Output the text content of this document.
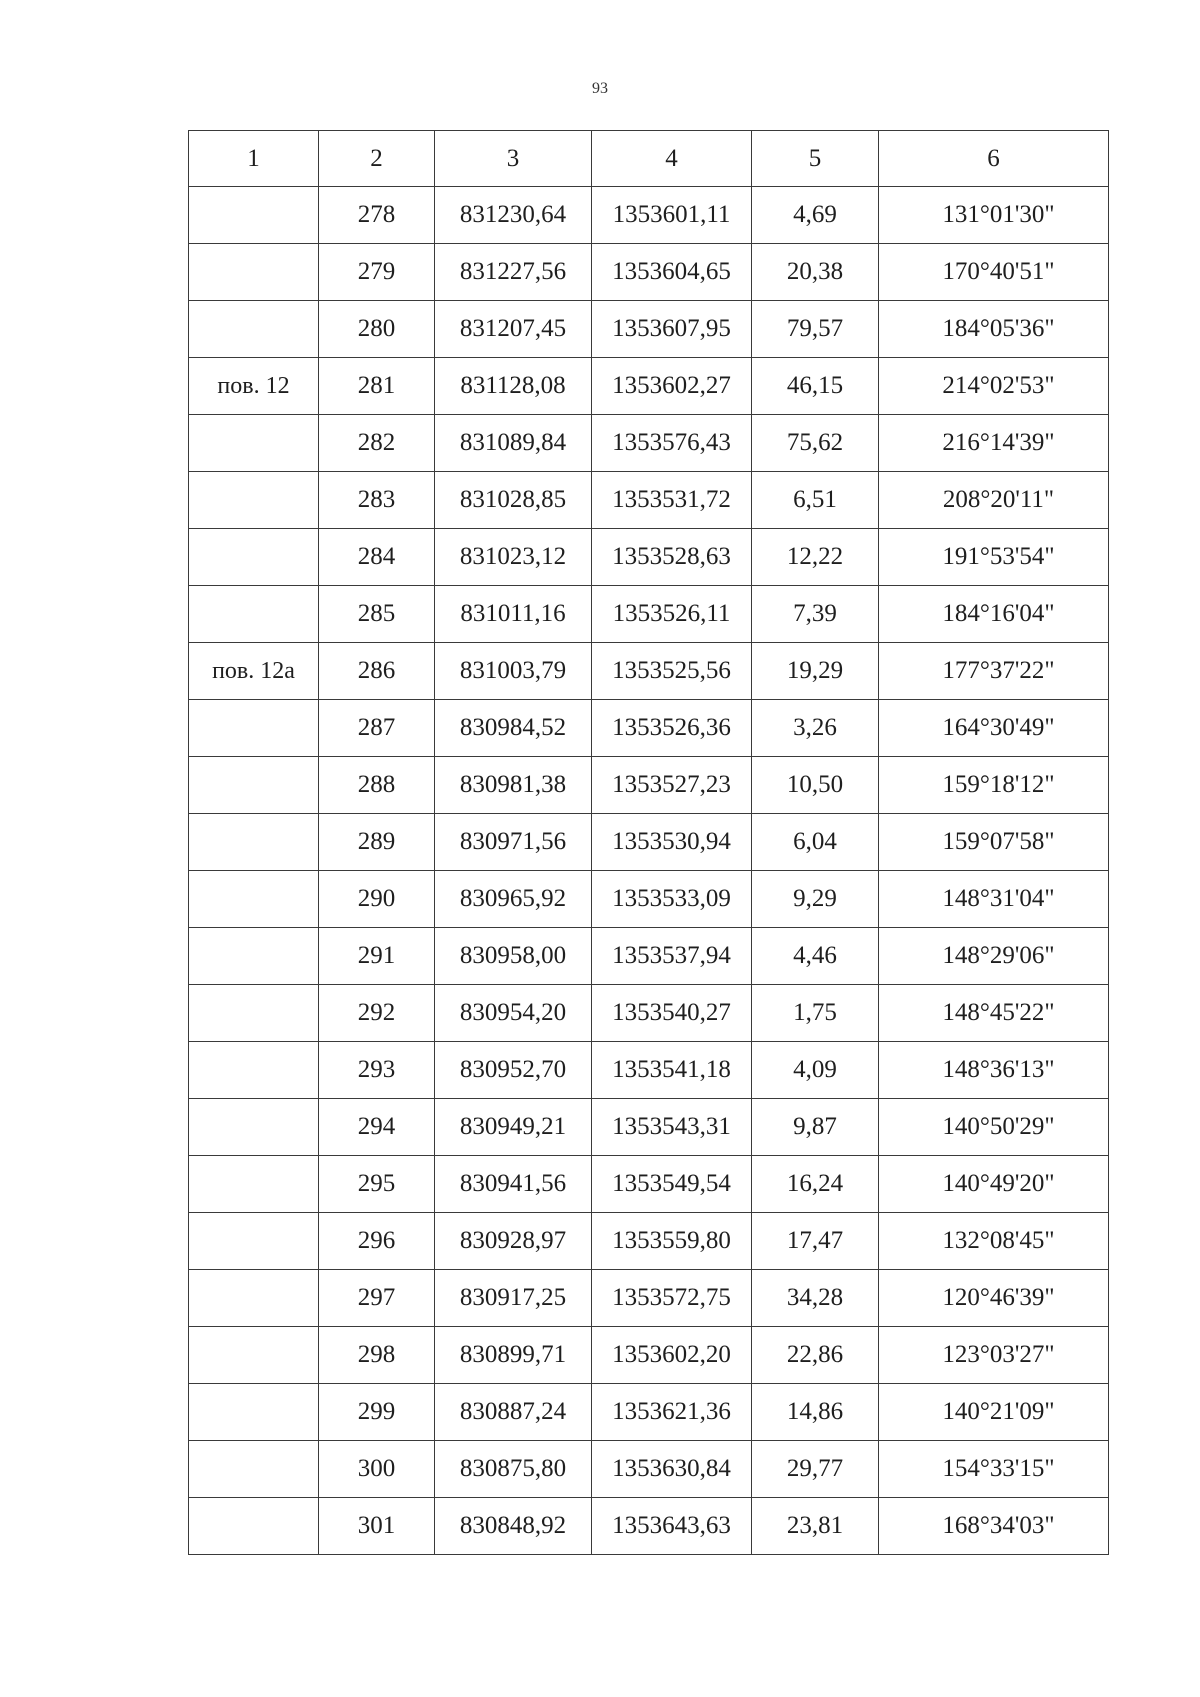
93
1	2	3	4	5	6
	278	831230,64	1353601,11	4,69	131°01'30"
	279	831227,56	1353604,65	20,38	170°40'51"
	280	831207,45	1353607,95	79,57	184°05'36"
пов. 12	281	831128,08	1353602,27	46,15	214°02'53"
	282	831089,84	1353576,43	75,62	216°14'39"
	283	831028,85	1353531,72	6,51	208°20'11"
	284	831023,12	1353528,63	12,22	191°53'54"
	285	831011,16	1353526,11	7,39	184°16'04"
пов. 12а	286	831003,79	1353525,56	19,29	177°37'22"
	287	830984,52	1353526,36	3,26	164°30'49"
	288	830981,38	1353527,23	10,50	159°18'12"
	289	830971,56	1353530,94	6,04	159°07'58"
	290	830965,92	1353533,09	9,29	148°31'04"
	291	830958,00	1353537,94	4,46	148°29'06"
	292	830954,20	1353540,27	1,75	148°45'22"
	293	830952,70	1353541,18	4,09	148°36'13"
	294	830949,21	1353543,31	9,87	140°50'29"
	295	830941,56	1353549,54	16,24	140°49'20"
	296	830928,97	1353559,80	17,47	132°08'45"
	297	830917,25	1353572,75	34,28	120°46'39"
	298	830899,71	1353602,20	22,86	123°03'27"
	299	830887,24	1353621,36	14,86	140°21'09"
	300	830875,80	1353630,84	29,77	154°33'15"
	301	830848,92	1353643,63	23,81	168°34'03"
